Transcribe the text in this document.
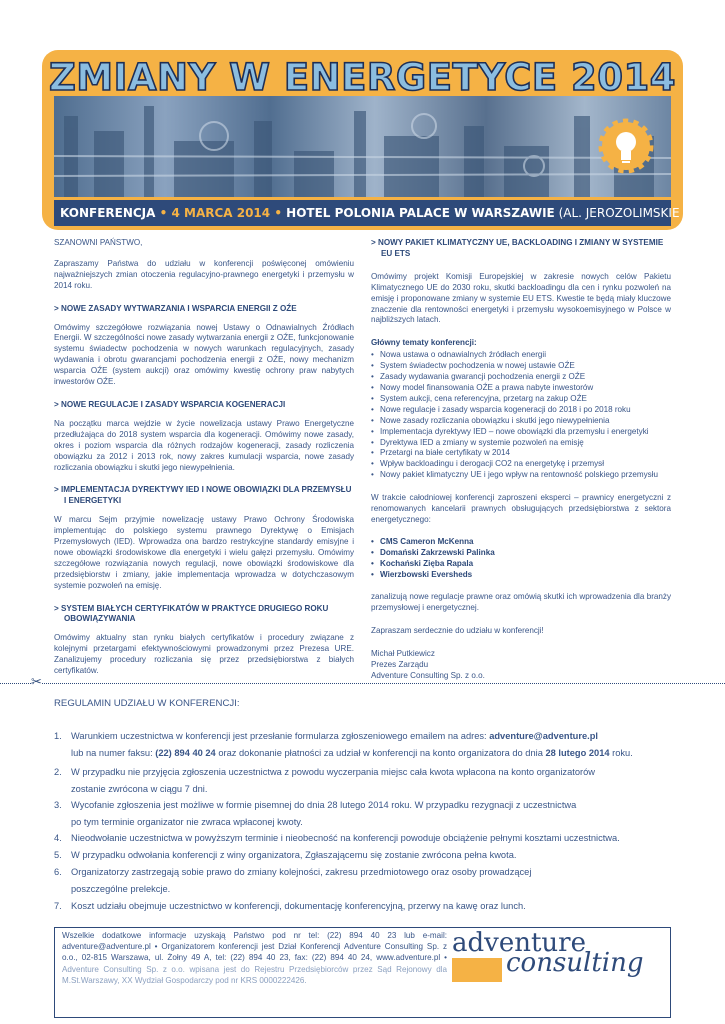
ZMIANY W ENERGETYCE 2014
KONFERENCJA • 4 MARCA 2014 • HOTEL POLONIA PALACE W WARSZAWIE (AL. JEROZOLIMSKIE 45)

SZANOWNI PAŃSTWO,

Zapraszamy Państwa do udziału w konferencji poświęconej omówieniu najważniejszych zmian otoczenia regulacyjno-prawnego energetyki i przemysłu w 2014 roku.

> NOWE ZASADY WYTWARZANIA I WSPARCIA ENERGII Z OŹE

Omówimy szczegółowe rozwiązania nowej Ustawy o Odnawialnych Źródłach Energii. W szczególności nowe zasady wytwarzania energii z OŹE, funkcjonowanie systemu świadectw pochodzenia w nowych warunkach regulacyjnych, zasady wydawania i obrotu gwarancjami pochodzenia energii z OŹE, nowy mechanizm wsparcia OŹE (system aukcji) oraz omówimy kwestię ochrony praw nabytych inwestorów OŹE.

> NOWE REGULACJE I ZASADY WSPARCIA KOGENERACJI

Na początku marca wejdzie w życie nowelizacja ustawy Prawo Energetyczne przedłużająca do 2018 system wsparcia dla kogeneracji. Omówimy nowe zasady, okres i poziom wsparcia dla różnych rodzajów kogeneracji, zasady rozliczenia obowiązku za 2012 i 2013 rok, nowy zakres kumulacji wsparcia, nowe zasady rozliczania obowiązku i skutki jego niewypełnienia.

> IMPLEMENTACJA DYREKTYWY IED I NOWE OBOWIĄZKI DLA PRZEMYSŁU
I ENERGETYKI

W marcu Sejm przyjmie nowelizację ustawy Prawo Ochrony Środowiska implementując do polskiego systemu prawnego Dyrektywę o Emisjach Przemysłowych (IED). Wprowadza ona bardzo restrykcyjne standardy emisyjne i nowe obowiązki środowiskowe dla energetyki i wielu gałęzi przemysłu. Omówimy szczegółowe rozwiązania nowych regulacji, nowe obowiązki środowiskowe dla przedsiębiorstw i zmiany, jakie implementacja wprowadza w dotychczasowym systemie pozwoleń na emisję.

> SYSTEM BIAŁYCH CERTYFIKATÓW W PRAKTYCE DRUGIEGO ROKU
OBOWIĄZYWANIA

Omówimy aktualny stan rynku białych certyfikatów i procedury związane z kolejnymi przetargami efektywnościowymi prowadzonymi przez Prezesa URE. Zanalizujemy procedury rozliczania się przez przedsiębiorstwa z białych certyfikatów.

> NOWY PAKIET KLIMATYCZNY UE, BACKLOADING I ZMIANY W SYSTEMIE
EU ETS

Omówimy projekt Komisji Europejskiej w zakresie nowych celów Pakietu Klimatycznego UE do 2030 roku, skutki backloadingu dla cen i rynku pozwoleń na emisję i proponowane zmiany w systemie EU ETS. Kwestie te będą miały kluczowe znaczenie dla rentowności energetyki i przemysłu wysokoemisyjnego w Polsce w najbliższych latach.

Główny tematy konferencji:
• Nowa ustawa o odnawialnych źródłach energii
• System świadectw pochodzenia w nowej ustawie OŹE
• Zasady wydawania gwarancji pochodzenia energii z OŹE
• Nowy model finansowania OŹE a prawa nabyte inwestorów
• System aukcji, cena referencyjna, przetarg na zakup OŹE
• Nowe regulacje i zasady wsparcia kogeneracji do 2018 i po 2018 roku
• Nowe zasady rozliczania obowiązku i skutki jego niewypełnienia
• Implementacja dyrektywy IED – nowe obowiązki dla przemysłu i energetyki
• Dyrektywa IED a zmiany w systemie pozwoleń na emisję
• Przetargi na białe certyfikaty w 2014
• Wpływ backloadingu i derogacji CO2 na energetykę i przemysł
• Nowy pakiet klimatyczny UE i jego wpływ na rentowność polskiego przemysłu

W trakcie całodniowej konferencji zaproszeni eksperci – prawnicy energetyczni z renomowanych kancelarii prawnych obsługujących przedsiębiorstwa z sektora energetycznego:

• CMS Cameron McKenna
• Domański Zakrzewski Palinka
• Kochański Zięba Rapala
• Wierzbowski Eversheds

zanalizują nowe regulacje prawne oraz omówią skutki ich wprowadzenia dla branży przemysłowej i energetycznej.

Zapraszam serdecznie do udziału w konferencji!

Michał Putkiewicz
Prezes Zarządu
Adventure Consulting Sp. z o.o.
✂
REGULAMIN UDZIAŁU W KONFERENCJI:
1. Warunkiem uczestnictwa w konferencji jest przesłanie formularza zgłoszeniowego emailem na adres: adventure@adventure.pl
lub na numer faksu: (22) 894 40 24 oraz dokonanie płatności za udział w konferencji na konto organizatora do dnia 28 lutego 2014 roku.
2. W przypadku nie przyjęcia zgłoszenia uczestnictwa z powodu wyczerpania miejsc cała kwota wpłacona na konto organizatorów
zostanie zwrócona w ciągu 7 dni.
3. Wycofanie zgłoszenia jest możliwe w formie pisemnej do dnia 28 lutego 2014 roku. W przypadku rezygnacji z uczestnictwa
po tym terminie organizator nie zwraca wpłaconej kwoty.
4. Nieodwołanie uczestnictwa w powyższym terminie i nieobecność na konferencji powoduje obciążenie pełnymi kosztami uczestnictwa.
5. W przypadku odwołania konferencji z winy organizatora, Zgłaszającemu się zostanie zwrócona pełna kwota.
6. Organizatorzy zastrzegają sobie prawo do zmiany kolejności, zakresu przedmiotowego oraz osoby prowadzącej
poszczególne prelekcje.
7. Koszt udziału obejmuje uczestnictwo w konferencji, dokumentację konferencyjną, przerwy na kawę oraz lunch.
Wszelkie dodatkowe informacje uzyskają Państwo pod nr tel: (22) 894 40 23 lub e-mail: adventure@adventure.pl • Organizatorem konferencji jest Dział Konferencji Adventure Consulting Sp. z o.o., 02-815 Warszawa, ul. Żołny 49 A, tel: (22) 894 40 23, fax: (22) 894 40 24, www.adventure.pl • Adventure Consulting Sp. z o.o. wpisana jest do Rejestru Przedsiębiorców przez Sąd Rejonowy dla M.St.Warszawy, XX Wydział Gospodarczy pod nr KRS 0000222426.
adventure
consulting
